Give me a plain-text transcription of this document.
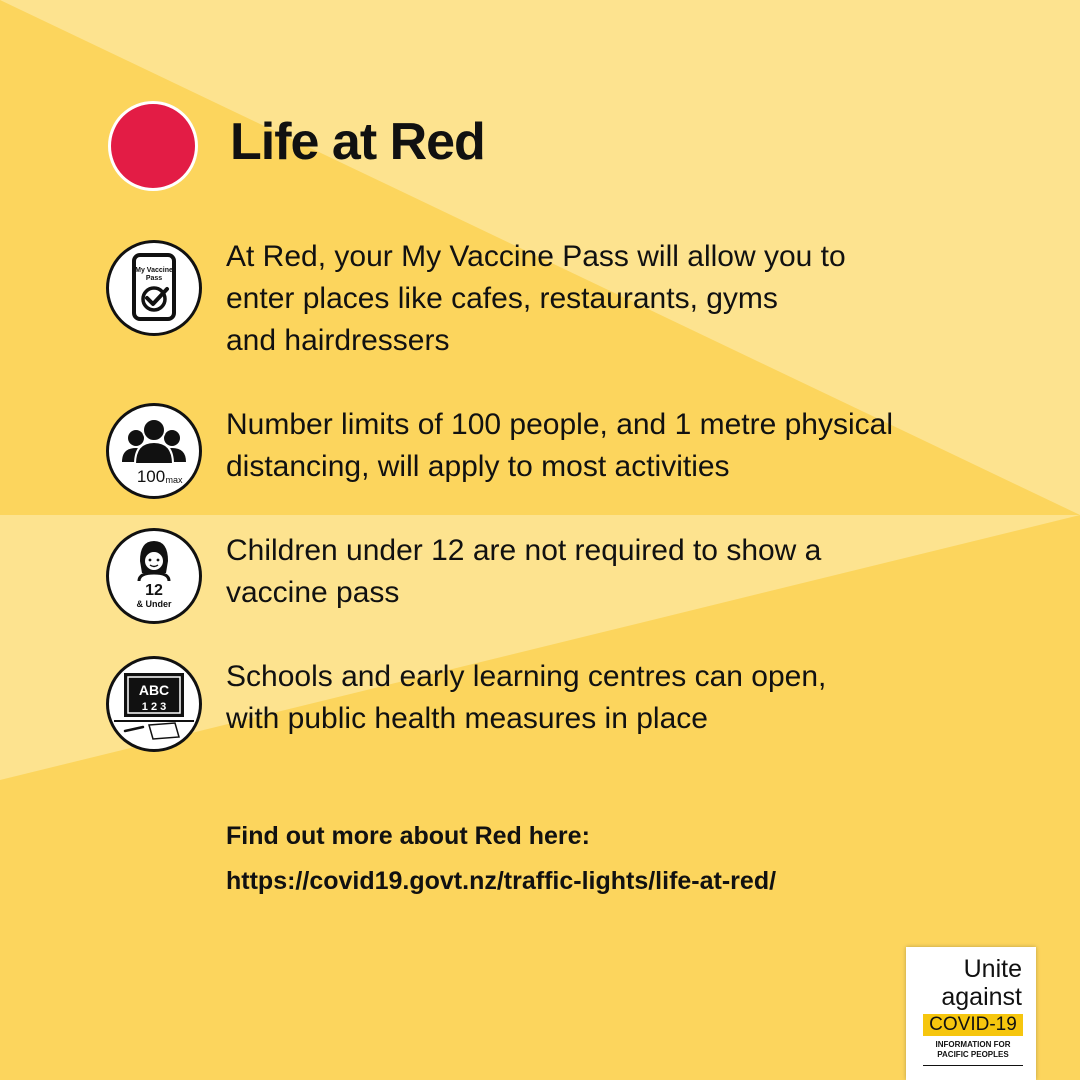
Life at Red
My Vaccine
Pass
At Red, your My Vaccine Pass will allow you to
enter places like cafes, restaurants, gyms
and hairdressers
100 max
Number limits of 100 people, and 1 metre physical
distancing, will apply to most activities
12
& Under
Children under 12 are not required to show a
vaccine pass
ABC
1 2 3
Schools and early learning centres can open,
with public health measures in place
Find out more about Red here:
https://covid19.govt.nz/traffic-lights/life-at-red/
Unite
against
COVID-19
INFORMATION FOR PACIFIC PEOPLES
